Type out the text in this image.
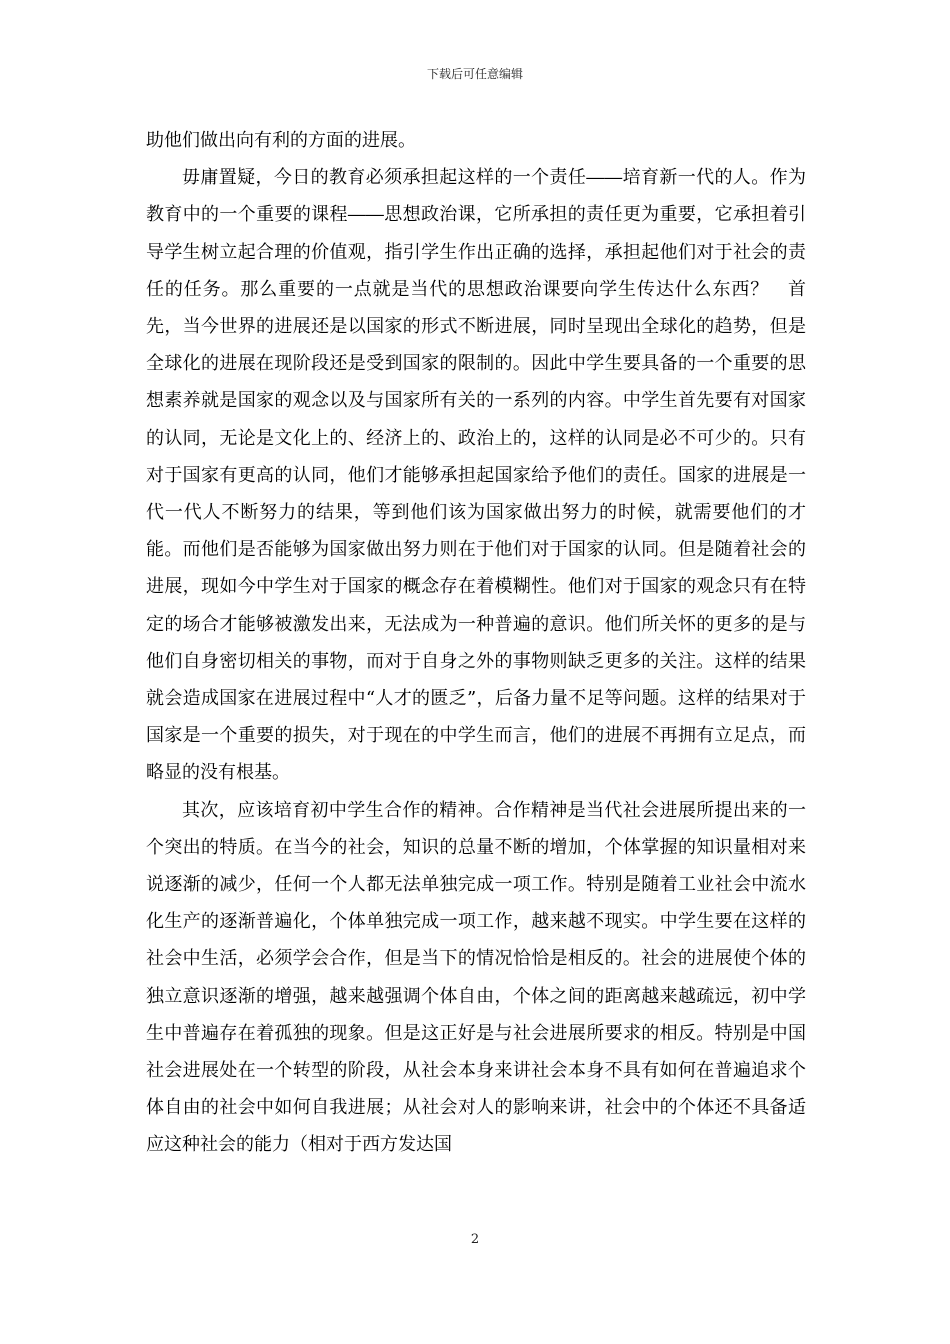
下载后可任意编辑

助他们做出向有利的方面的进展。

毋庸置疑，今日的教育必须承担起这样的一个责任――培育新一代的人。作为教育中的一个重要的课程――思想政治课，它所承担的责任更为重要，它承担着引导学生树立起合理的价值观，指引学生作出正确的选择，承担起他们对于社会的责任的任务。那么重要的一点就是当代的思想政治课要向学生传达什么东西？　首先，当今世界的进展还是以国家的形式不断进展，同时呈现出全球化的趋势，但是全球化的进展在现阶段还是受到国家的限制的。因此中学生要具备的一个重要的思想素养就是国家的观念以及与国家所有关的一系列的内容。中学生首先要有对国家的认同，无论是文化上的、经济上的、政治上的，这样的认同是必不可少的。只有对于国家有更高的认同，他们才能够承担起国家给予他们的责任。国家的进展是一代一代人不断努力的结果，等到他们该为国家做出努力的时候，就需要他们的才能。而他们是否能够为国家做出努力则在于他们对于国家的认同。但是随着社会的进展，现如今中学生对于国家的概念存在着模糊性。他们对于国家的观念只有在特定的场合才能够被激发出来，无法成为一种普遍的意识。他们所关怀的更多的是与他们自身密切相关的事物，而对于自身之外的事物则缺乏更多的关注。这样的结果就会造成国家在进展过程中“人才的匮乏”，后备力量不足等问题。这样的结果对于国家是一个重要的损失，对于现在的中学生而言，他们的进展不再拥有立足点，而略显的没有根基。

其次，应该培育初中学生合作的精神。合作精神是当代社会进展所提出来的一个突出的特质。在当今的社会，知识的总量不断的增加，个体掌握的知识量相对来说逐渐的减少，任何一个人都无法单独完成一项工作。特别是随着工业社会中流水化生产的逐渐普遍化，个体单独完成一项工作，越来越不现实。中学生要在这样的社会中生活，必须学会合作，但是当下的情况恰恰是相反的。社会的进展使个体的独立意识逐渐的增强，越来越强调个体自由，个体之间的距离越来越疏远，初中学生中普遍存在着孤独的现象。但是这正好是与社会进展所要求的相反。特别是中国社会进展处在一个转型的阶段，从社会本身来讲社会本身不具有如何在普遍追求个体自由的社会中如何自我进展；从社会对人的影响来讲，社会中的个体还不具备适应这种社会的能力（相对于西方发达国

2
